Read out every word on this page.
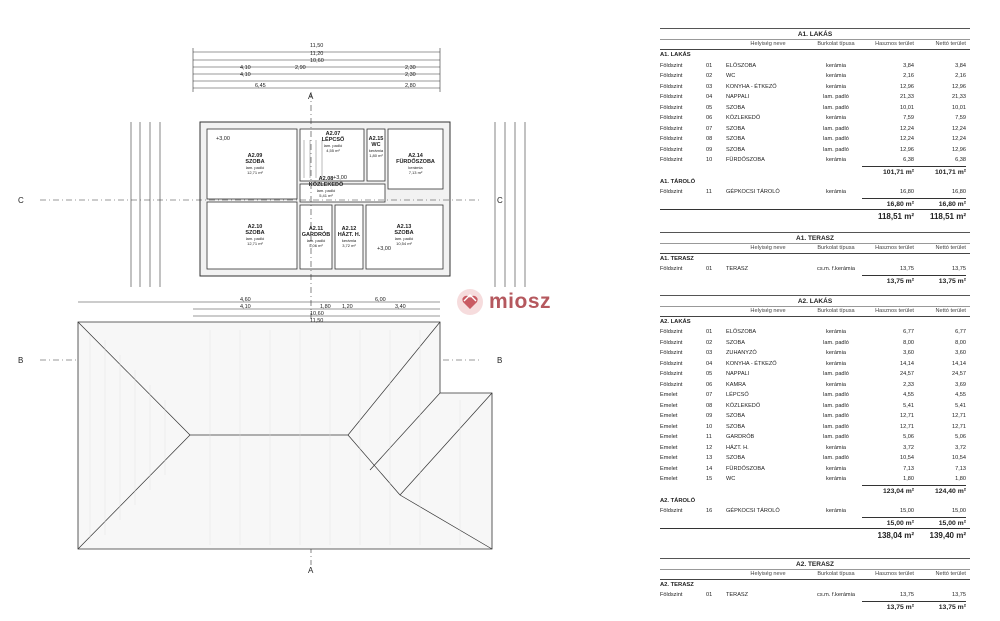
11,50
11,20
10,60
4,10	2,90	2,30
4,10	2,30
6,45	2,80
4,60	6,00
4,10	1,80 1,20	3,40
10,60
11,50
C	C
B	B
A
A
+3,00
+3,00
+3,00
A2.09
SZOBA
lam. padló
12,71 m²
A2.07
LÉPCSŐ
lam. padló
4,55 m²
A2.15
WC
kerámia
1,80 m²	A2.14
FÜRDŐSZOBA
kerámia
7,13 m²
A2.08
KÖZLEKEDŐ
lam. padló
5,41 m²
A2.10
SZOBA
lam. padló
12,71 m²
A2.11
GARDRÓB
lam. padló
5,06 m²
A2.12
HÁZT. H.
kerámia
3,72 m²
A2.13
SZOBA
lam. padló
10,54 m²
miosz
A1. LAKÁS
Helyiség neve	Burkolat típusa	Hasznos terület	Nettó terület
A1. LAKÁS
Földszint	01	ELŐSZOBA	kerámia	3,84	3,84
Földszint	02	WC	kerámia	2,16	2,16
Földszint	03	KONYHA - ÉTKEZŐ	kerámia	12,96	12,96
Földszint	04	NAPPALI	lam. padló	21,33	21,33
Földszint	05	SZOBA	lam. padló	10,01	10,01
Földszint	06	KÖZLEKEDŐ	kerámia	7,59	7,59
Földszint	07	SZOBA	lam. padló	12,24	12,24
Földszint	08	SZOBA	lam. padló	12,24	12,24
Földszint	09	SZOBA	lam. padló	12,96	12,96
Földszint	10	FÜRDŐSZOBA	kerámia	6,38	6,38
101,71 m²	101,71 m²
A1. TÁROLÓ
Földszint	11	GÉPKOCSI TÁROLÓ	kerámia	16,80	16,80
16,80 m²	16,80 m²
118,51 m²	118,51 m²
A1. TERASZ
Helyiség neve	Burkolat típusa	Hasznos terület	Nettó terület
A1. TERASZ
Földszint	01	TERASZ	cs.m. f.kerámia	13,75	13,75
13,75 m²	13,75 m²
A2. LAKÁS
Helyiség neve	Burkolat típusa	Hasznos terület	Nettó terület
A2. LAKÁS
Földszint	01	ELŐSZOBA	kerámia	6,77	6,77
Földszint	02	SZOBA	lam. padló	8,00	8,00
Földszint	03	ZUHANYZÓ	kerámia	3,60	3,60
Földszint	04	KONYHA - ÉTKEZŐ	kerámia	14,14	14,14
Földszint	05	NAPPALI	lam. padló	24,57	24,57
Földszint	06	KAMRA	kerámia	2,33	3,69
Emelet	07	LÉPCSŐ	lam. padló	4,55	4,55
Emelet	08	KÖZLEKEDŐ	lam. padló	5,41	5,41
Emelet	09	SZOBA	lam. padló	12,71	12,71
Emelet	10	SZOBA	lam. padló	12,71	12,71
Emelet	11	GARDRÓB	lam. padló	5,06	5,06
Emelet	12	HÁZT. H.	kerámia	3,72	3,72
Emelet	13	SZOBA	lam. padló	10,54	10,54
Emelet	14	FÜRDŐSZOBA	kerámia	7,13	7,13
Emelet	15	WC	kerámia	1,80	1,80
123,04 m²	124,40 m²
A2. TÁROLÓ
Földszint	16	GÉPKOCSI TÁROLÓ	kerámia	15,00	15,00
15,00 m²	15,00 m²
138,04 m²	139,40 m²
A2. TERASZ
Helyiség neve	Burkolat típusa	Hasznos terület	Nettó terület
A2. TERASZ
Földszint	01	TERASZ	cs.m. f.kerámia	13,75	13,75
13,75 m²	13,75 m²
